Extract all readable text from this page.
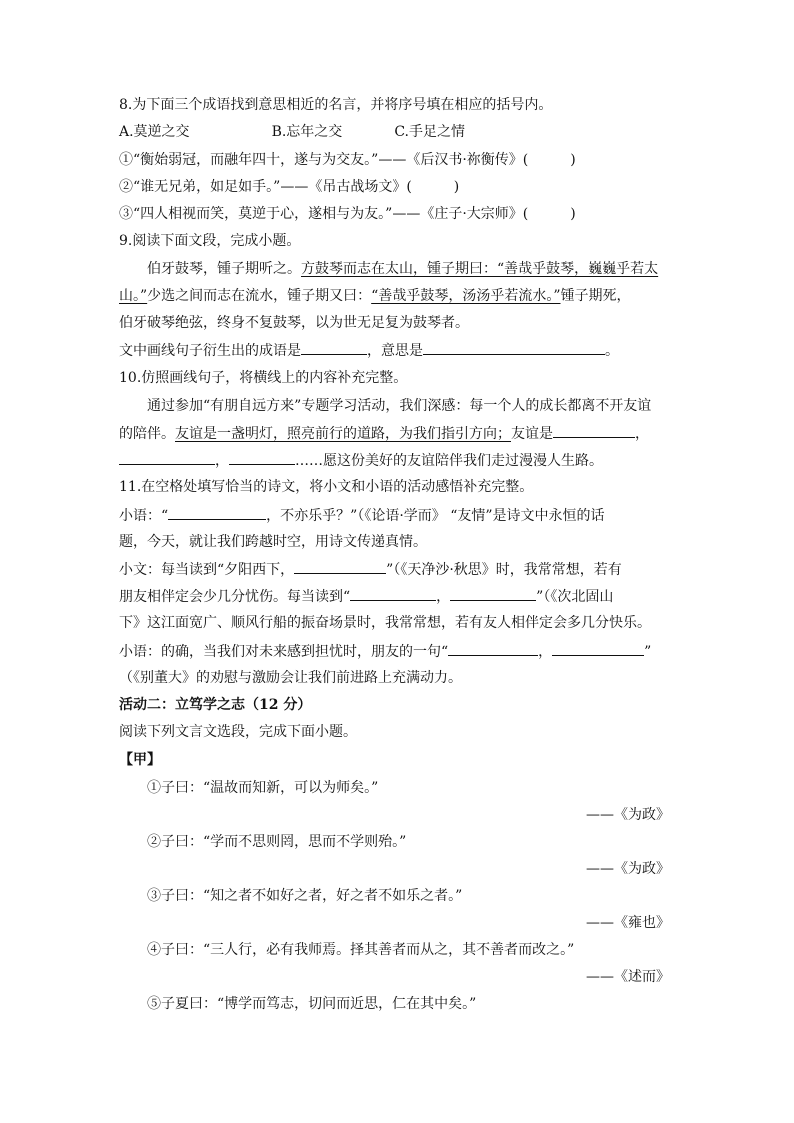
8.为下面三个成语找到意思相近的名言，并将序号填在相应的括号内。
A.莫逆之交	B.忘年之交	C.手足之情
①“衡始弱冠，而融年四十，遂与为交友。”——《后汉书·祢衡传》(　　　)
②“谁无兄弟，如足如手。”——《吊古战场文》(　　　)
③“四人相视而笑，莫逆于心，遂相与为友。”——《庄子·大宗师》(　　　)
9.阅读下面文段，完成小题。
伯牙鼓琴，锺子期听之。方鼓琴而志在太山，锺子期曰：“善哉乎鼓琴，巍巍乎若太
山。”少选之间而志在流水，锺子期又曰：“善哉乎鼓琴，汤汤乎若流水。”锺子期死，
伯牙破琴绝弦，终身不复鼓琴，以为世无足复为鼓琴者。
文中画线句子衍生出的成语是	，意思是	。
10.仿照画线句子，将横线上的内容补充完整。
通过参加“有朋自远方来”专题学习活动，我们深感：每一个人的成长都离不开友谊
的陪伴。友谊是一盏明灯，照亮前行的道路，为我们指引方向；友谊是	，
，	……愿这份美好的友谊陪伴我们走过漫漫人生路。
11.在空格处填写恰当的诗文，将小文和小语的活动感悟补充完整。
小语：“	，不亦乐乎？”（《论语·学而》 “友情”是诗文中永恒的话
题，今天，就让我们跨越时空，用诗文传递真情。
小文：每当读到“夕阳西下，	”（《天净沙·秋思》时，我常常想，若有
朋友相伴定会少几分忧伤。每当读到“	，	”（《次北固山
下》这江面宽广、顺风行船的振奋场景时，我常常想，若有友人相伴定会多几分快乐。
小语：的确，当我们对未来感到担忧时，朋友的一句“	，	”
（《别董大》的劝慰与激励会让我们前进路上充满动力。
活动二：立笃学之志（12 分）
阅读下列文言文选段，完成下面小题。
【甲】
①子曰：“温故而知新，可以为师矣。”
——《为政》
②子曰：“学而不思则罔，思而不学则殆。”
——《为政》
③子曰：“知之者不如好之者，好之者不如乐之者。”
——《雍也》
④子曰：“三人行，必有我师焉。择其善者而从之，其不善者而改之。”
——《述而》
⑤子夏曰：“博学而笃志，切问而近思，仁在其中矣。”
